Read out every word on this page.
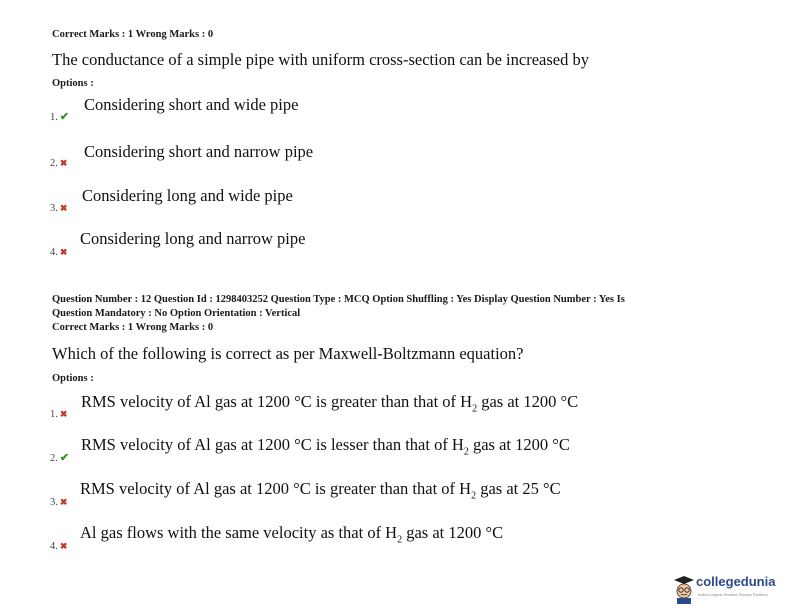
Correct Marks : 1 Wrong Marks : 0
The conductance of a simple pipe with uniform cross-section can be increased by
Options :
1. ✔
Considering short and wide pipe
2. ✖
Considering short and narrow pipe
3. ✖
Considering long and wide pipe
4. ✖
Considering long and narrow pipe
Question Number : 12 Question Id : 1298403252 Question Type : MCQ Option Shuffling : Yes Display Question Number : Yes Is
Question Mandatory : No Option Orientation : Vertical
Correct Marks : 1 Wrong Marks : 0
Which of the following is correct as per Maxwell-Boltzmann equation?
Options :
1. ✖
RMS velocity of Al gas at 1200 °C is greater than that of $H_2$ gas at 1200 °C
2. ✔
RMS velocity of Al gas at 1200 °C is lesser than that of $H_2$ gas at 1200 °C
3. ✖
RMS velocity of Al gas at 1200 °C is greater than that of $H_2$ gas at 25 °C
4. ✖
Al gas flows with the same velocity as that of $H_2$ gas at 1200 °C
collegedunia
India's largest Student Review Platform
